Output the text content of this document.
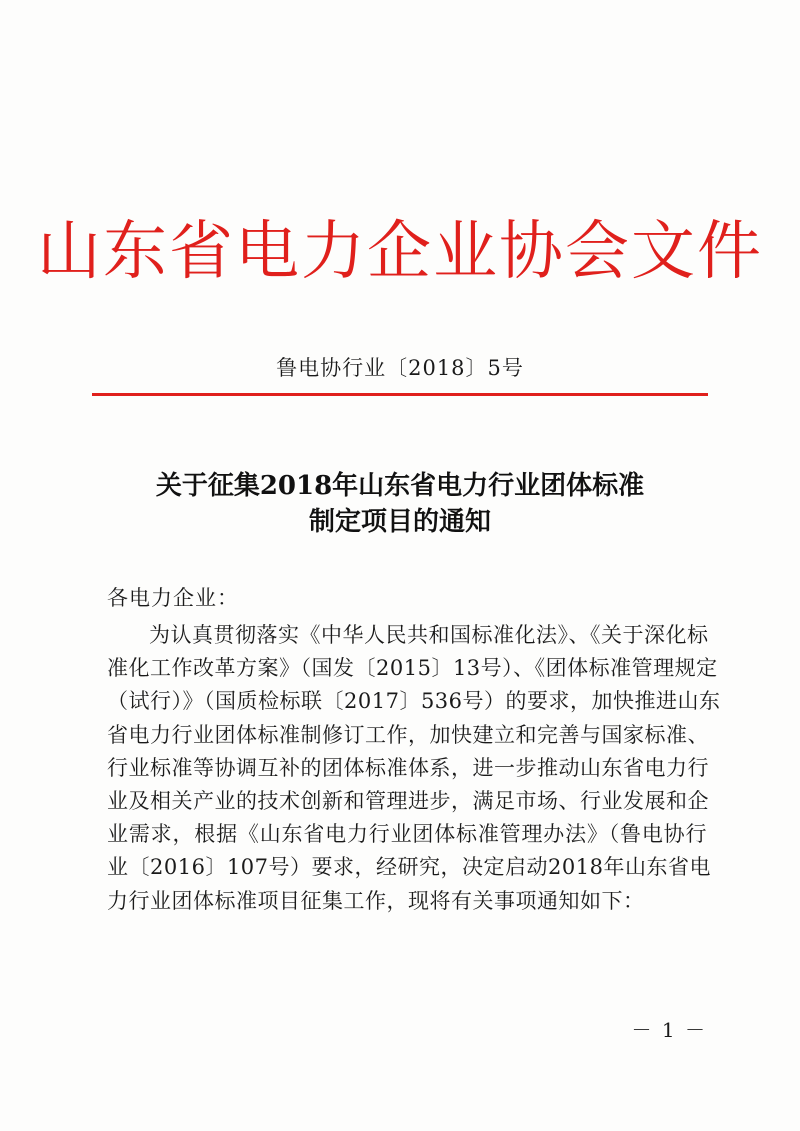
山东省电力企业协会文件
鲁电协行业〔2018〕5号
关于征集2018年山东省电力行业团体标准
制定项目的通知
各电力企业：
为认真贯彻落实《中华人民共和国标准化法》、《关于深化标
准化工作改革方案》（国发〔2015〕13号）、《团体标准管理规定
（试行）》（国质检标联〔2017〕536号）的要求，加快推进山东
省电力行业团体标准制修订工作，加快建立和完善与国家标准、
行业标准等协调互补的团体标准体系，进一步推动山东省电力行
业及相关产业的技术创新和管理进步，满足市场、行业发展和企
业需求，根据《山东省电力行业团体标准管理办法》（鲁电协行
业〔2016〕107号）要求，经研究，决定启动2018年山东省电
力行业团体标准项目征集工作，现将有关事项通知如下：
－ 1 －
